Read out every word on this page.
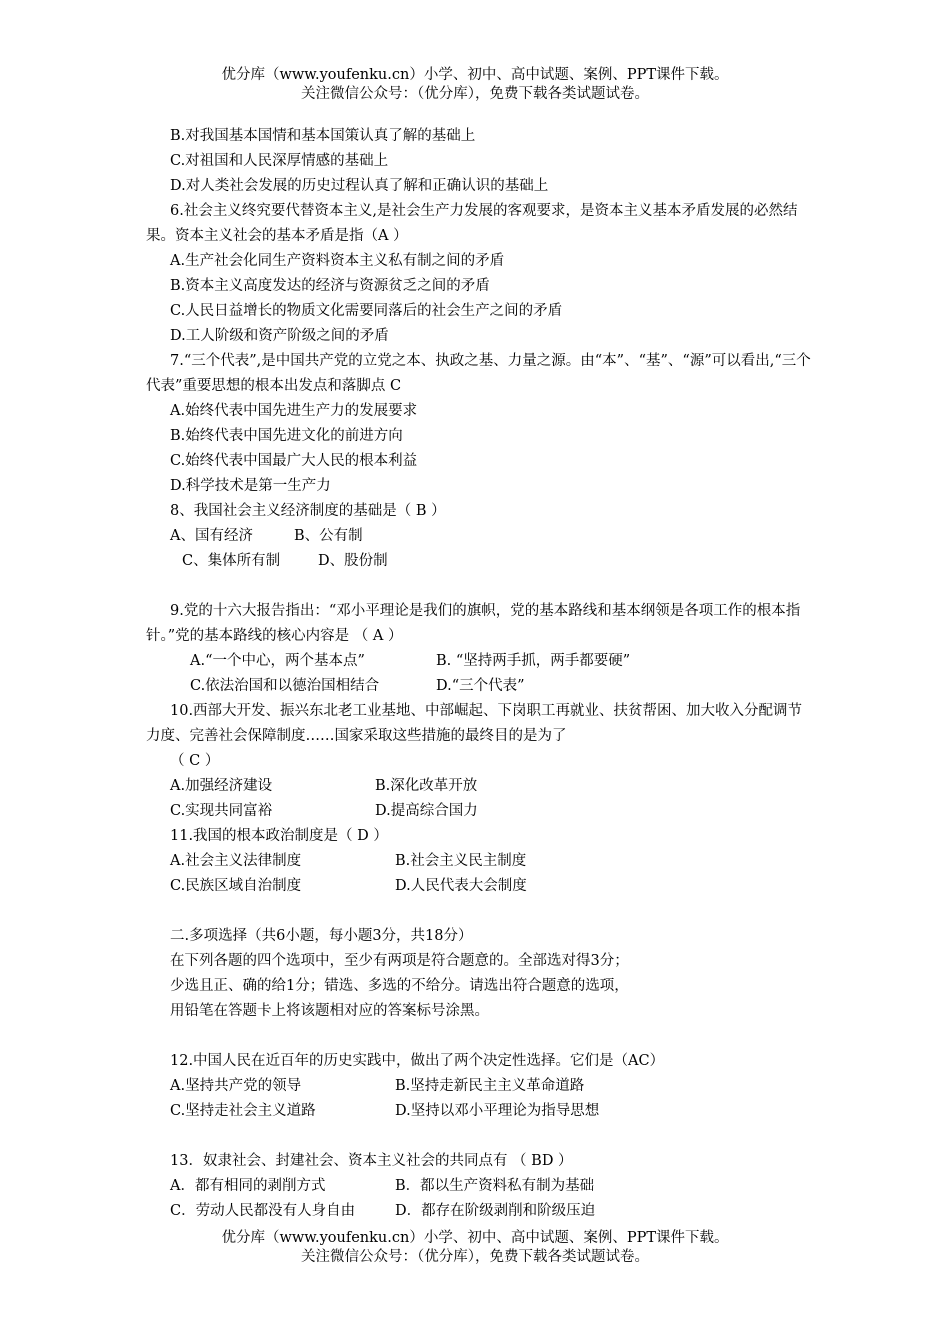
优分库（www.youfenku.cn）小学、初中、高中试题、案例、PPT课件下载。
关注微信公众号：（优分库），免费下载各类试题试卷。
B.对我国基本国情和基本国策认真了解的基础上
C.对祖国和人民深厚情感的基础上
D.对人类社会发展的历史过程认真了解和正确认识的基础上
6.社会主义终究要代替资本主义,是社会生产力发展的客观要求，是资本主义基本矛盾发展的必然结果。资本主义社会的基本矛盾是指（A ）
A.生产社会化同生产资料资本主义私有制之间的矛盾
B.资本主义高度发达的经济与资源贫乏之间的矛盾
C.人民日益增长的物质文化需要同落后的社会生产之间的矛盾
D.工人阶级和资产阶级之间的矛盾
7.“三个代表”,是中国共产党的立党之本、执政之基、力量之源。由“本”、“基”、“源”可以看出,“三个代表”重要思想的根本出发点和落脚点 C
A.始终代表中国先进生产力的发展要求
B.始终代表中国先进文化的前进方向
C.始终代表中国最广大人民的根本利益
D.科学技术是第一生产力
8、我国社会主义经济制度的基础是（ B ）
A、国有经济	B、公有制
C、集体所有制	D、股份制
9.党的十六大报告指出：“邓小平理论是我们的旗帜，党的基本路线和基本纲领是各项工作的根本指针。”党的基本路线的核心内容是 （ A ）
A.“一个中心，两个基本点”	B. “坚持两手抓，两手都要硬”
C.依法治国和以德治国相结合	D.“三个代表”
10.西部大开发、振兴东北老工业基地、中部崛起、下岗职工再就业、扶贫帮困、加大收入分配调节力度、完善社会保障制度……国家采取这些措施的最终目的是为了
（ C ）
A.加强经济建设	B.深化改革开放
C.实现共同富裕	D.提高综合国力
11.我国的根本政治制度是（ D ）
A.社会主义法律制度	B.社会主义民主制度
C.民族区域自治制度	D.人民代表大会制度
二.多项选择（共6小题，每小题3分，共18分）
在下列各题的四个选项中，至少有两项是符合题意的。全部选对得3分；
少选且正、确的给1分；错选、多选的不给分。请选出符合题意的选项，
用铅笔在答题卡上将该题相对应的答案标号涂黑。
12.中国人民在近百年的历史实践中，做出了两个决定性选择。它们是（AC）
A.坚持共产党的领导	B.坚持走新民主主义革命道路
C.坚持走社会主义道路	D.坚持以邓小平理论为指导思想
13．奴隶社会、封建社会、资本主义社会的共同点有 （ BD ）
A．都有相同的剥削方式	B．都以生产资料私有制为基础
C．劳动人民都没有人身自由	D．都存在阶级剥削和阶级压迫
优分库（www.youfenku.cn）小学、初中、高中试题、案例、PPT课件下载。
关注微信公众号：（优分库），免费下载各类试题试卷。
